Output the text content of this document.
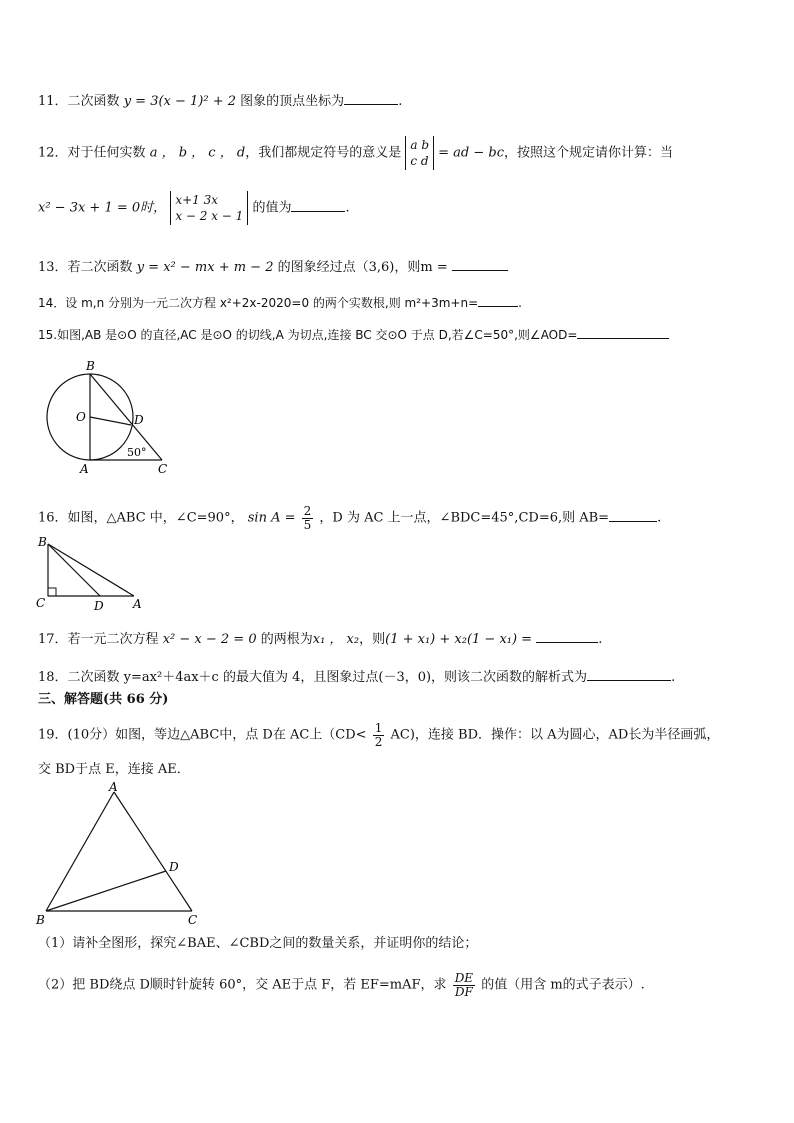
11．二次函数 y = 3(x − 1)² + 2 图象的顶点坐标为	.
12．对于任何实数 a ， b ， c ， d，我们都规定符号的意义是
a b
c d
= ad − bc，按照这个规定请你计算：当
x² − 3x + 1 = 0时，
x+1 3x
x − 2 x − 1
的值为	.
13．若二次函数 y = x² − mx + m − 2 的图象经过点（3,6)，则m =
14．设 m,n 分别为一元二次方程 x²+2x-2020=0 的两个实数根,则 m²+3m+n=	.
15.如图,AB 是⊙O 的直径,AC 是⊙O 的切线,A 为切点,连接 BC 交⊙O 于点 D,若∠C=50°,则∠AOD=
B
O	D
A	C
50°
16．如图，△ABC 中，∠C=90°， $\sin A = \frac{2}{5}$ ，D 为 AC 上一点，∠BDC=45°,CD=6,则 AB=	.
B
C	D A
17．若一元二次方程 x² − x − 2 = 0 的两根为x₁ ， x₂，则(1 + x₁) + x₂(1 − x₁) =	.
18．二次函数 y=ax²＋4ax＋c 的最大值为 4，且图象过点(－3，0)，则该二次函数的解析式为	.
三、解答题(共 66 分)
19．(10分）如图，等边△ABC中，点 D在 AC上$(CD< \frac{1}{2} AC)$，连接 BD．操作：以 A为圆心，AD长为半径画弧，
交 BD于点 E，连接 AE．
A
B	C
D
（1）请补全图形，探究∠BAE、∠CBD之间的数量关系，并证明你的结论；
（2）把 BD绕点 D顺时针旋转 60°，交 AE于点 F，若 EF=mAF，求 $\frac{DE}{DF}$ 的值（用含 m的式子表示）.
